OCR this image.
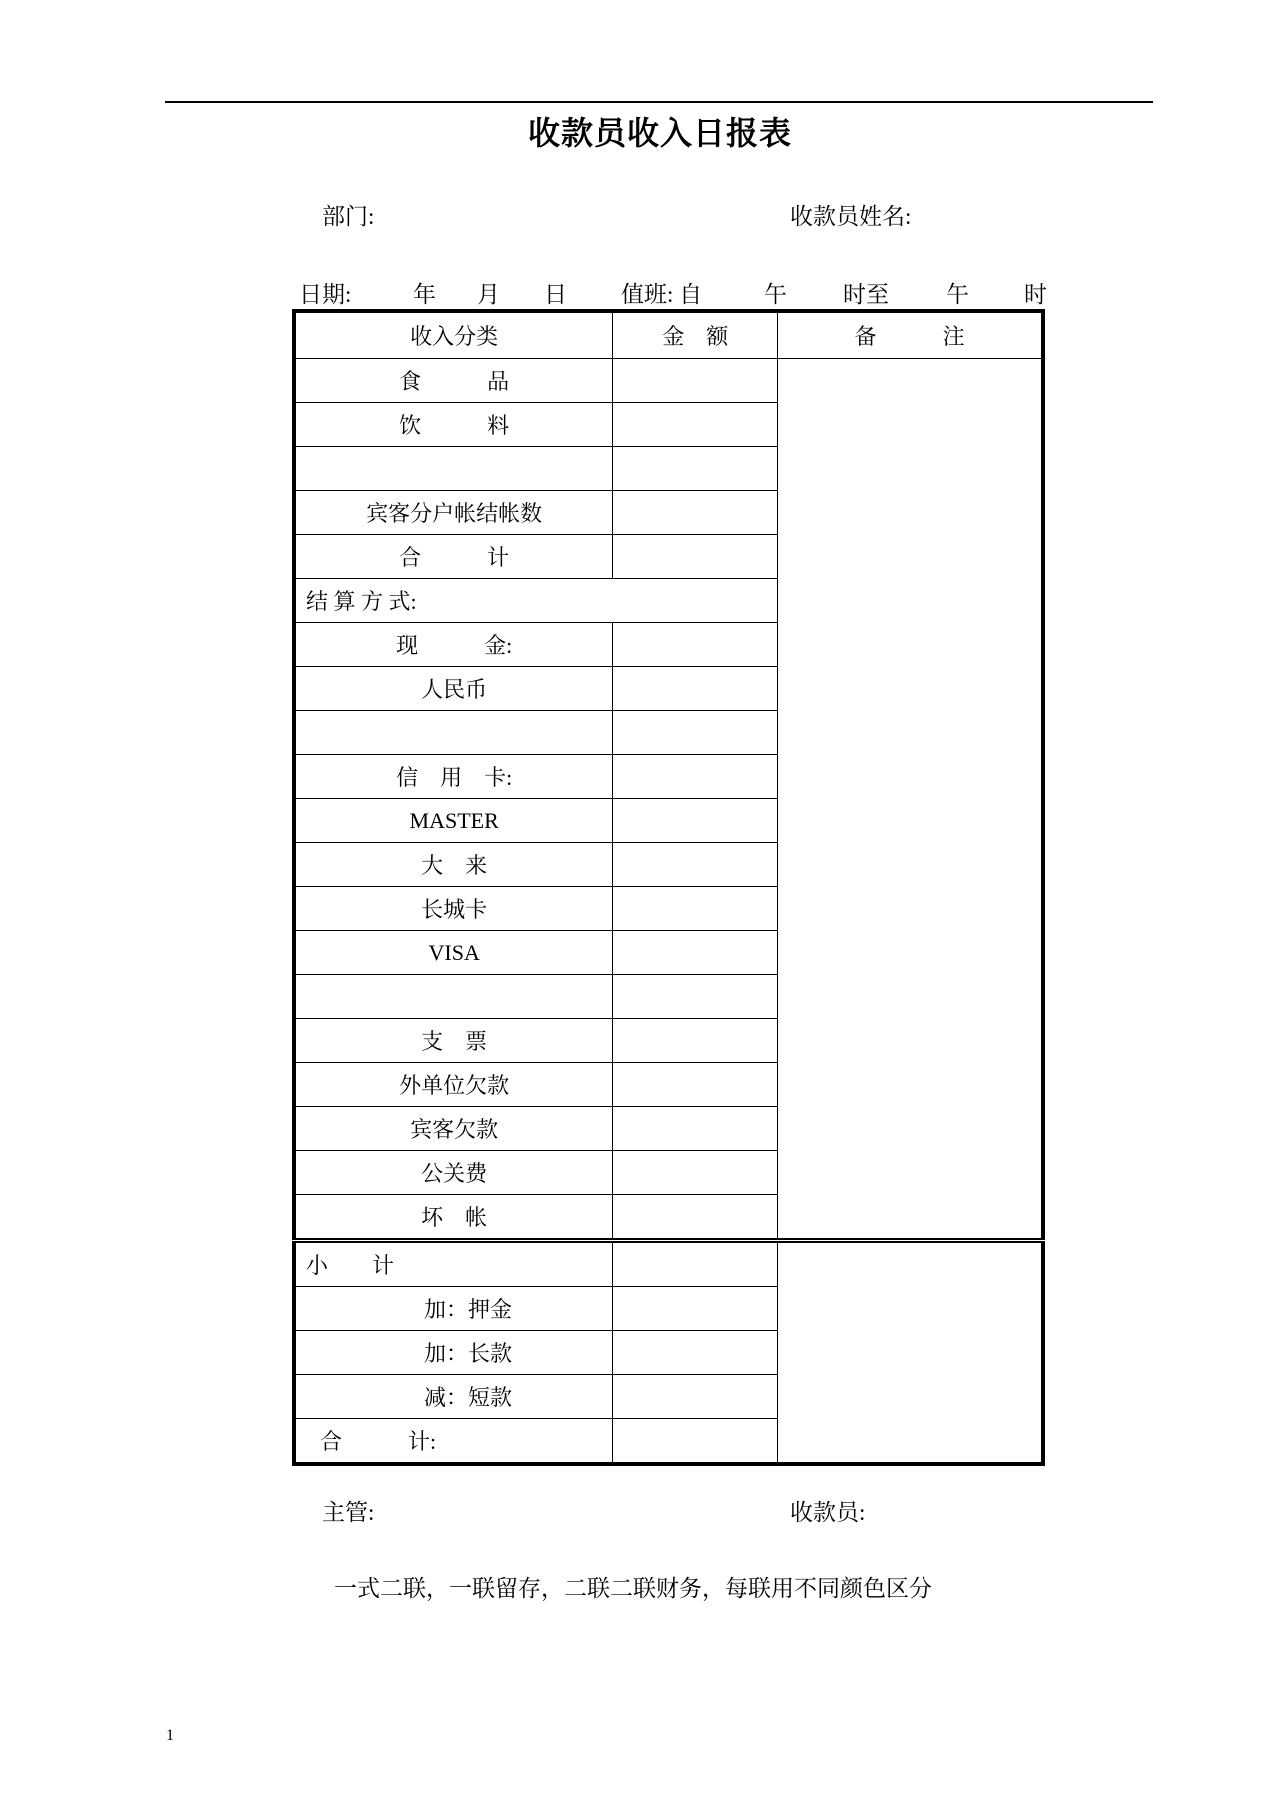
收款员收入日报表
部门:	收款员姓名:
日期:	年 月 日 值班: 自	午 时至 午 时
收入分类	金　额	备　　　注
食　　　品		
饮　　　料		

宾客分户帐结帐数		
合　　　计		
结 算 方 式:		
现　　　金:		
人民币		

信　用　卡:		
MASTER		
大　来		
长城卡		
VISA		

支　票		
外单位欠款		
宾客欠款		
公关费		
坏　帐		
小　　计		
加：押金		
加：长款		
减：短款		
合　　　计:		
主管:	收款员:
一式二联，一联留存，二联二联财务，每联用不同颜色区分
1
